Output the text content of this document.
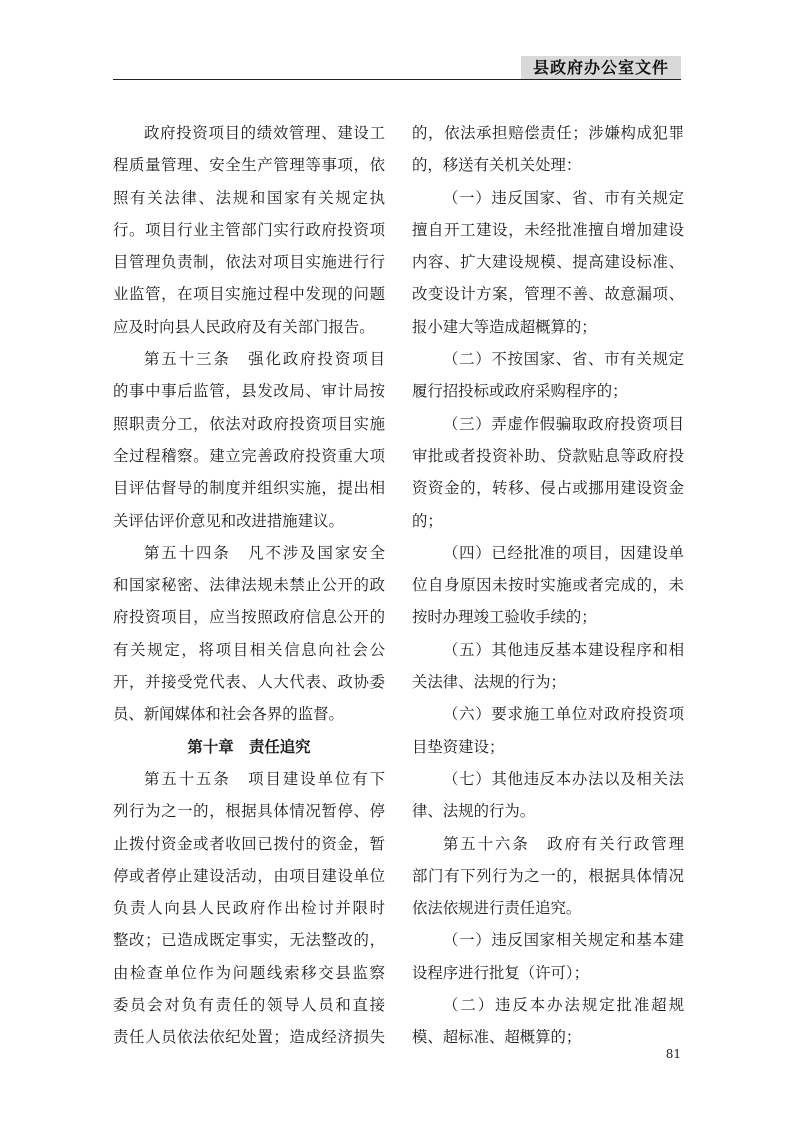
县政府办公室文件
政府投资项目的绩效管理、建设工
程质量管理、安全生产管理等事项，依
照有关法律、法规和国家有关规定执
行。项目行业主管部门实行政府投资项
目管理负责制，依法对项目实施进行行
业监管，在项目实施过程中发现的问题
应及时向县人民政府及有关部门报告。
第五十三条　强化政府投资项目
的事中事后监管，县发改局、审计局按
照职责分工，依法对政府投资项目实施
全过程稽察。建立完善政府投资重大项
目评估督导的制度并组织实施，提出相
关评估评价意见和改进措施建议。
第五十四条　凡不涉及国家安全
和国家秘密、法律法规未禁止公开的政
府投资项目，应当按照政府信息公开的
有关规定，将项目相关信息向社会公
开，并接受党代表、人大代表、政协委
员、新闻媒体和社会各界的监督。
第十章　责任追究
第五十五条　项目建设单位有下
列行为之一的，根据具体情况暂停、停
止拨付资金或者收回已拨付的资金，暂
停或者停止建设活动，由项目建设单位
负责人向县人民政府作出检讨并限时
整改；已造成既定事实，无法整改的，
由检查单位作为问题线索移交县监察
委员会对负有责任的领导人员和直接
责任人员依法依纪处置；造成经济损失
的，依法承担赔偿责任；涉嫌构成犯罪
的，移送有关机关处理：
（一）违反国家、省、市有关规定
擅自开工建设，未经批准擅自增加建设
内容、扩大建设规模、提高建设标准、
改变设计方案，管理不善、故意漏项、
报小建大等造成超概算的；
（二）不按国家、省、市有关规定
履行招投标或政府采购程序的；
（三）弄虚作假骗取政府投资项目
审批或者投资补助、贷款贴息等政府投
资资金的，转移、侵占或挪用建设资金
的；
（四）已经批准的项目，因建设单
位自身原因未按时实施或者完成的，未
按时办理竣工验收手续的；
（五）其他违反基本建设程序和相
关法律、法规的行为；
（六）要求施工单位对政府投资项
目垫资建设；
（七）其他违反本办法以及相关法
律、法规的行为。
第五十六条　政府有关行政管理
部门有下列行为之一的，根据具体情况
依法依规进行责任追究。
（一）违反国家相关规定和基本建
设程序进行批复（许可）；
（二）违反本办法规定批准超规
模、超标准、超概算的；
81
